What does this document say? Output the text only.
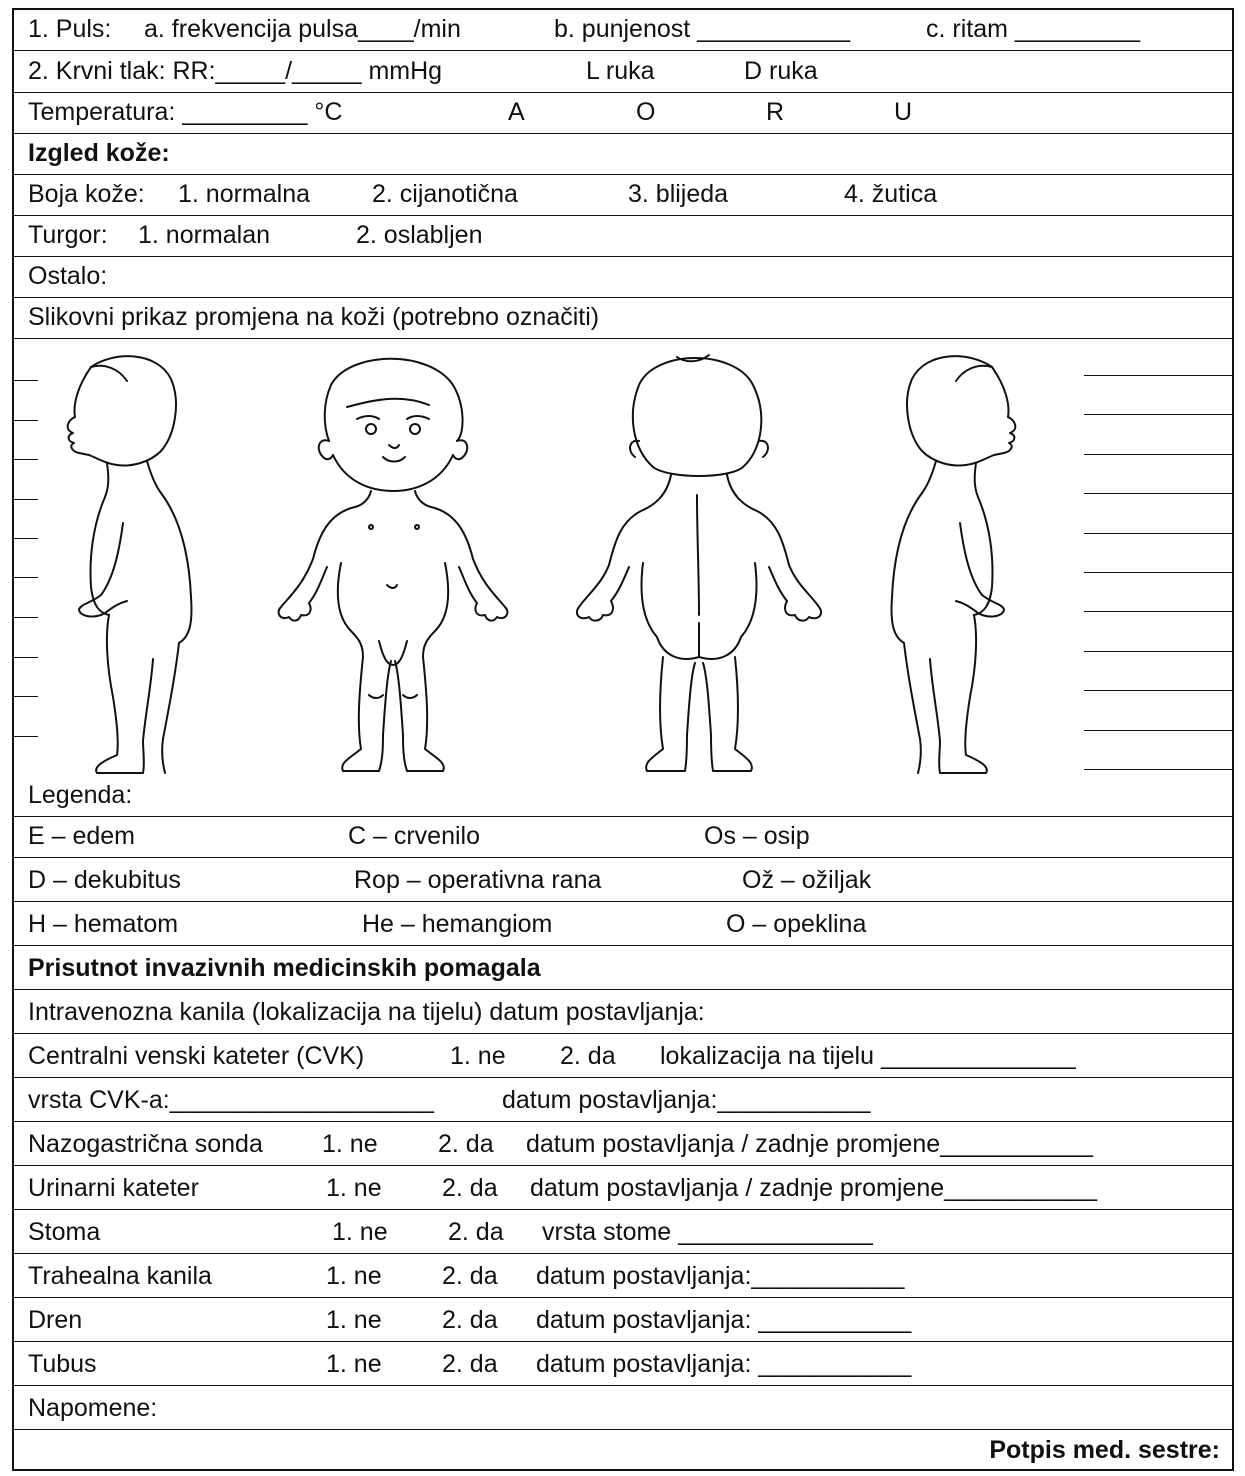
1. Puls: a. frekvencija pulsa____/min	b. punjenost ___________	c. ritam _________
2. Krvni tlak: RR:_____/_____ mmHg	L ruka	D ruka
Temperatura: _________ °C	A	O	R	U
Izgled kože:
Boja kože: 1. normalna 2. cijanotična	3. blijeda	4. žutica
Turgor: 1. normalan	2. oslabljen
Ostalo:
Slikovni prikaz promjena na koži (potrebno označiti)
Legenda:
E – edem	C – crvenilo	Os – osip
D – dekubitus	Rop – operativna rana	Ož – ožiljak
H – hematom	He – hemangiom	O – opeklina
Prisutnot invazivnih medicinskih pomagala
Intravenozna kanila (lokalizacija na tijelu) datum postavljanja:
Centralni venski kateter (CVK)	1. ne 2. da lokalizacija na tijelu ______________
vrsta CVK-a:___________________	datum postavljanja:___________
Nazogastrična sonda 1. ne 2. da datum postavljanja / zadnje promjene___________
Urinarni kateter	1. ne 2. da datum postavljanja / zadnje promjene___________
Stoma	1. ne 2. da vrsta stome ______________
Trahealna kanila	1. ne 2. da datum postavljanja:___________
Dren	1. ne 2. da datum postavljanja: ___________
Tubus	1. ne 2. da datum postavljanja: ___________
Napomene:
Potpis med. sestre:
